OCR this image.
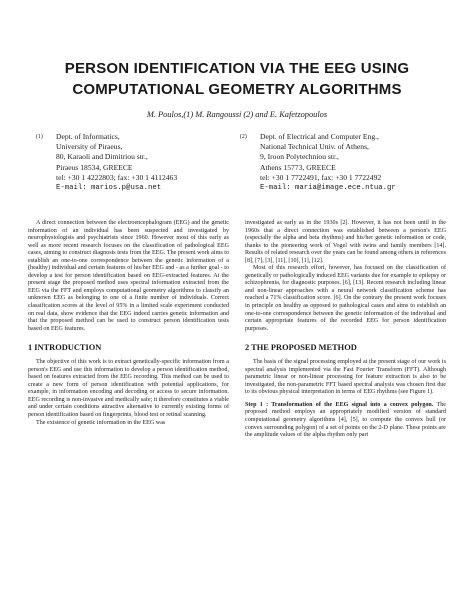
PERSON IDENTIFICATION VIA THE EEG USING
COMPUTATIONAL GEOMETRY ALGORITHMS
M. Poulos,(1) M. Rangoussi (2) and E. Kafetzopoulos
(1) Dept. of Informatics,
University of Piraeus,
80, Karaoli and Dimitriou str.,
Piraeus 18534, GREECE
tel: +30 1 4222803; fax: +30 1 4112463
E-mail: marios.p@usa.net
(2) Dept. of Electrical and Computer Eng.,
National Technical Univ. of Athens,
9, Iroon Polytechniou str.,
Athens 15773, GREECE
tel: +30 1 7722491, fax: +30 1 7722492
E-mail: maria@image.ece.ntua.gr

A direct connection between the electroencephalogram (EEG) and the genetic information of an individual has been suspected and investigated by neurophysiologists and psychiatrists since 1960. However most of this early as well as more recent research focuses on the classification of pathological EEG cases, aiming to construct diagnosis tests from the EEG. The present work aims to establish an one-to-one correspondence between the genetic information of a (healthy) individual and certain features of his/her EEG and - as a further goal - to develop a test for person identification based on EEG-extracted features. At the present stage the proposed method uses spectral information extracted from the EEG via the FFT and employs computational geometry algorithms to classify an unknown EEG as belonging to one of a finite number of individuals. Correct classification scores at the level of 95% in a limited scale experiment conducted on real data, show evidence that the EEG indeed carries genetic information and that the proposed method can be used to construct person identification tests based on EEG features.

1 INTRODUCTION

The objective of this work is to extract genetically-specific information from a person's EEG and use this information to develop a person identification method, based on features extracted from the EEG recording. This method can be used to create a new form of person identification with potential applications, for example, in information encoding and decoding or access to secure information. EEG recording is non-invasive and medically safe; it therefore constitutes a viable and under certain conditions attractive alternative to currently existing forms of person identification based on fingerprints, blood test or retinal scanning.

The existence of genetic information in the EEG was

investigated as early as in the 1930s [2]. However, it has not been until in the 1960s that a direct connection was established between a person's EEG (especially the alpha and beta rhythms) and his/her genetic information or code, thanks to the pioneering work of Vogel with twins and family members [14]. Results of related research over the years can be found among others in references [8], [7], [3], [11], [10], [1], [12].

Most of this research effort, however, has focused on the classification of genetically or pathologically induced EEG variants due for example to epilepsy or schizophrenia, for diagnostic purposes. [6], [13]. Recent research including linear and non-linear approaches with a neural network classification scheme has reached a 71% classification score. [6]. On the contrary the present work focuses in principle on healthy as opposed to pathological cases and aims to establish an one-to-one correspondence between the genetic information of the individual and certain appropriate features of the recorded EEG for person identification purposes.

2 THE PROPOSED METHOD

The basis of the signal processing employed at the present stage of our work is spectral analysis implemented via the Fast Fourier Transform (FFT). Although parametric linear or non-linear processing for feature extraction is also to be investigated, the non-parametric FFT based spectral analysis was chosen first due to its obvious physical interpretation in terms of EEG rhythms (see Figure 1).

Step 1 : Transformation of the EEG signal into a convex polygon. The proposed method employs an appropriately modified version of standard computational geometry algorithms [4], [5], to compute the convex hull (or convex surrounding polygon) of a set of points on the 2-D plane. These points are the amplitude values of the alpha rhythm only part
